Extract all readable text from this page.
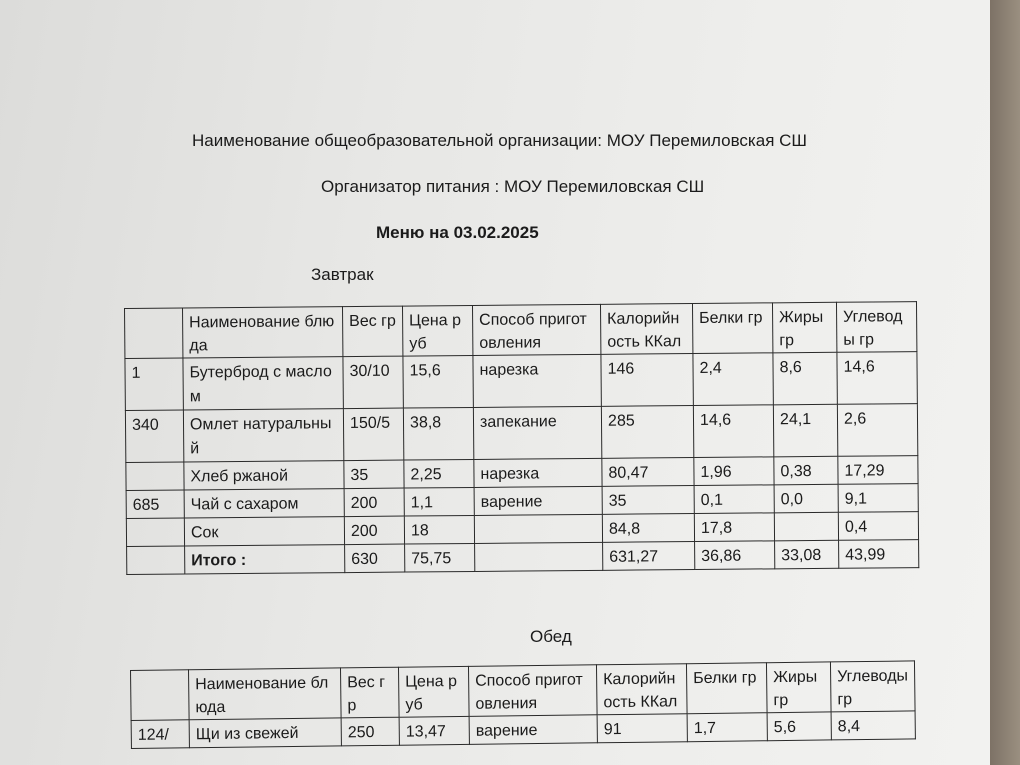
Наименование общеобразовательной организации: МОУ Перемиловская СШ
Организатор питания : МОУ Перемиловская СШ
Меню на 03.02.2025
Завтрак
	Наименование блюда	Вес гр	Цена руб	Способ приготовления	Калорийность ККал	Белки гр	Жиры гр	Углеводы гр
1	Бутерброд с маслом	30/10	15,6	нарезка	146	2,4	8,6	14,6
340	Омлет натуральный	150/5	38,8	запекание	285	14,6	24,1	2,6
	Хлеб ржаной	35	2,25	нарезка	80,47	1,96	0,38	17,29
685	Чай с сахаром	200	1,1	варение	35	0,1	0,0	9,1
	Сок	200	18		84,8	17,8		0,4
	Итого :	630	75,75		631,27	36,86	33,08	43,99
Обед
	Наименование блюда	Вес гр	Цена руб	Способ приготовления	Калорийность ККал	Белки гр	Жиры гр	Углеводы гр
124/	Щи из свежей	250	13,47	варение	91	1,7	5,6	8,4
